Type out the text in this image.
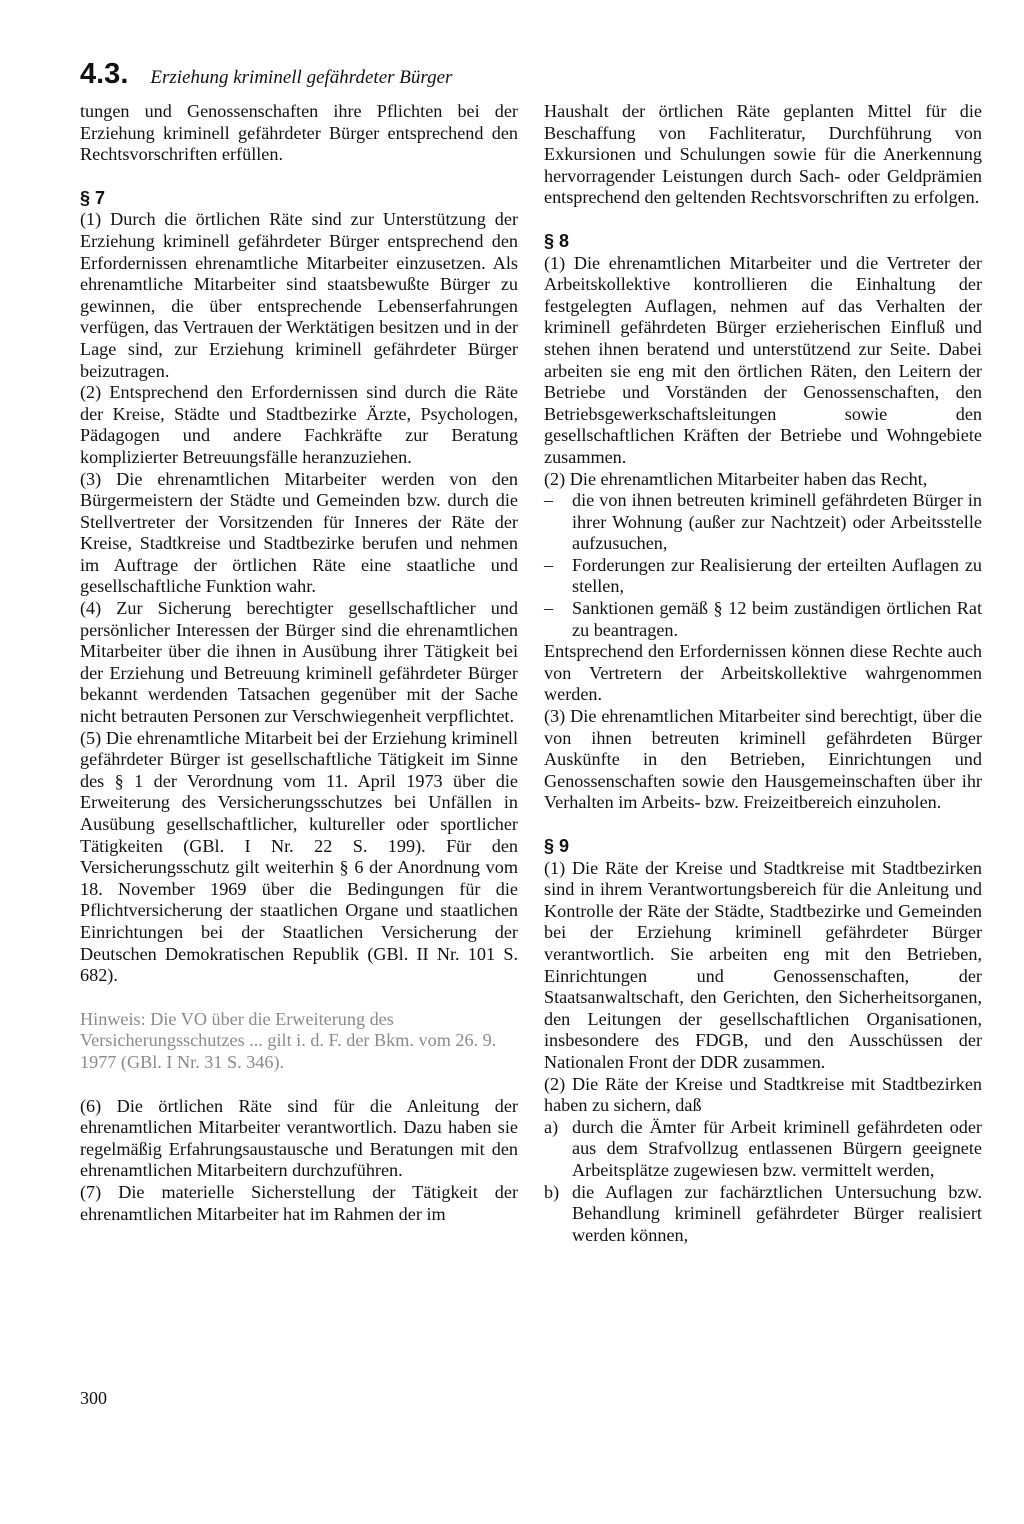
4.3. Erziehung kriminell gefährdeter Bürger

tungen und Genossenschaften ihre Pflichten bei der Erziehung kriminell gefährdeter Bürger entsprechend den Rechtsvorschriften erfüllen.

§ 7

(1) Durch die örtlichen Räte sind zur Unterstützung der Erziehung kriminell gefährdeter Bürger entsprechend den Erfordernissen ehrenamtliche Mitarbeiter einzusetzen. Als ehrenamtliche Mitarbeiter sind staatsbewußte Bürger zu gewinnen, die über entsprechende Lebenserfahrungen verfügen, das Vertrauen der Werktätigen besitzen und in der Lage sind, zur Erziehung kriminell gefährdeter Bürger beizutragen.

(2) Entsprechend den Erfordernissen sind durch die Räte der Kreise, Städte und Stadtbezirke Ärzte, Psychologen, Pädagogen und andere Fachkräfte zur Beratung komplizierter Betreuungsfälle heranzuziehen.

(3) Die ehrenamtlichen Mitarbeiter werden von den Bürgermeistern der Städte und Gemeinden bzw. durch die Stellvertreter der Vorsitzenden für Inneres der Räte der Kreise, Stadtkreise und Stadtbezirke berufen und nehmen im Auftrage der örtlichen Räte eine staatliche und gesellschaftliche Funktion wahr.

(4) Zur Sicherung berechtigter gesellschaftlicher und persönlicher Interessen der Bürger sind die ehrenamtlichen Mitarbeiter über die ihnen in Ausübung ihrer Tätigkeit bei der Erziehung und Betreuung kriminell gefährdeter Bürger bekannt werdenden Tatsachen gegenüber mit der Sache nicht betrauten Personen zur Verschwiegenheit verpflichtet.

(5) Die ehrenamtliche Mitarbeit bei der Erziehung kriminell gefährdeter Bürger ist gesellschaftliche Tätigkeit im Sinne des § 1 der Verordnung vom 11. April 1973 über die Erweiterung des Versicherungsschutzes bei Unfällen in Ausübung gesellschaftlicher, kultureller oder sportlicher Tätigkeiten (GBl. I Nr. 22 S. 199). Für den Versicherungsschutz gilt weiterhin § 6 der Anordnung vom 18. November 1969 über die Bedingungen für die Pflichtversicherung der staatlichen Organe und staatlichen Einrichtungen bei der Staatlichen Versicherung der Deutschen Demokratischen Republik (GBl. II Nr. 101 S. 682).

Hinweis: Die VO über die Erweiterung des Versicherungsschutzes ... gilt i. d. F. der Bkm. vom 26. 9. 1977 (GBl. I Nr. 31 S. 346).

(6) Die örtlichen Räte sind für die Anleitung der ehrenamtlichen Mitarbeiter verantwortlich. Dazu haben sie regelmäßig Erfahrungsaustausche und Beratungen mit den ehrenamtlichen Mitarbeitern durchzuführen.

(7) Die materielle Sicherstellung der Tätigkeit der ehrenamtlichen Mitarbeiter hat im Rahmen der im

Haushalt der örtlichen Räte geplanten Mittel für die Beschaffung von Fachliteratur, Durchführung von Exkursionen und Schulungen sowie für die Anerkennung hervorragender Leistungen durch Sach- oder Geldprämien entsprechend den geltenden Rechtsvorschriften zu erfolgen.

§ 8

(1) Die ehrenamtlichen Mitarbeiter und die Vertreter der Arbeitskollektive kontrollieren die Einhaltung der festgelegten Auflagen, nehmen auf das Verhalten der kriminell gefährdeten Bürger erzieherischen Einfluß und stehen ihnen beratend und unterstützend zur Seite. Dabei arbeiten sie eng mit den örtlichen Räten, den Leitern der Betriebe und Vorständen der Genossenschaften, den Betriebsgewerkschaftsleitungen sowie den gesellschaftlichen Kräften der Betriebe und Wohngebiete zusammen.

(2) Die ehrenamtlichen Mitarbeiter haben das Recht,

–	die von ihnen betreuten kriminell gefährdeten Bürger in ihrer Wohnung (außer zur Nachtzeit) oder Arbeitsstelle aufzusuchen,
–	Forderungen zur Realisierung der erteilten Auflagen zu stellen,
–	Sanktionen gemäß § 12 beim zuständigen örtlichen Rat zu beantragen.

Entsprechend den Erfordernissen können diese Rechte auch von Vertretern der Arbeitskollektive wahrgenommen werden.

(3) Die ehrenamtlichen Mitarbeiter sind berechtigt, über die von ihnen betreuten kriminell gefährdeten Bürger Auskünfte in den Betrieben, Einrichtungen und Genossenschaften sowie den Hausgemeinschaften über ihr Verhalten im Arbeits- bzw. Freizeitbereich einzuholen.

§ 9

(1) Die Räte der Kreise und Stadtkreise mit Stadtbezirken sind in ihrem Verantwortungsbereich für die Anleitung und Kontrolle der Räte der Städte, Stadtbezirke und Gemeinden bei der Erziehung kriminell gefährdeter Bürger verantwortlich. Sie arbeiten eng mit den Betrieben, Einrichtungen und Genossenschaften, der Staatsanwaltschaft, den Gerichten, den Sicherheitsorganen, den Leitungen der gesellschaftlichen Organisationen, insbesondere des FDGB, und den Ausschüssen der Nationalen Front der DDR zusammen.

(2) Die Räte der Kreise und Stadtkreise mit Stadtbezirken haben zu sichern, daß

a) durch die Ämter für Arbeit kriminell gefährdeten oder aus dem Strafvollzug entlassenen Bürgern geeignete Arbeitsplätze zugewiesen bzw. vermittelt werden,
b) die Auflagen zur fachärztlichen Untersuchung bzw. Behandlung kriminell gefährdeter Bürger realisiert werden können,
300
